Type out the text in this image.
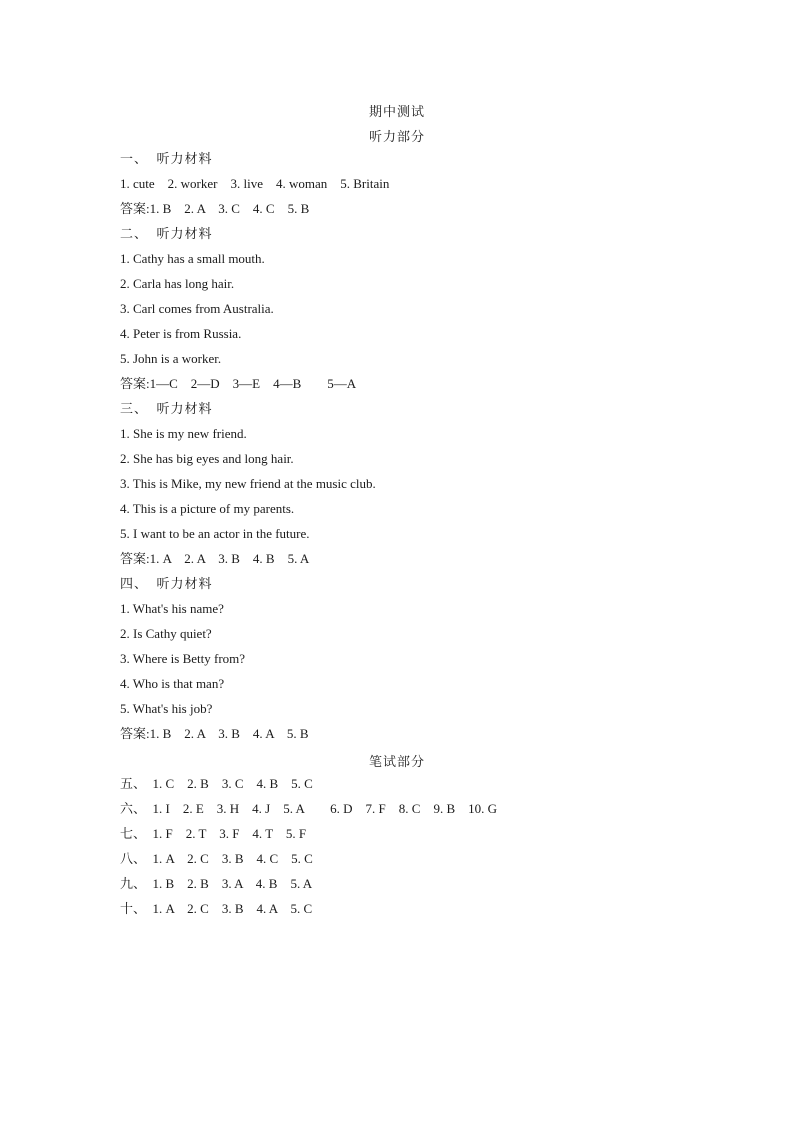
期中测试
听力部分
一、  听力材料
1. cute    2. worker    3. live    4. woman    5. Britain
答案:1. B    2. A    3. C    4. C    5. B
二、  听力材料
1. Cathy has a small mouth.
2. Carla has long hair.
3. Carl comes from Australia.
4. Peter is from Russia.
5. John is a worker.
答案:1—C    2—D    3—E    4—B        5—A
三、  听力材料
1. She is my new friend.
2. She has big eyes and long hair.
3. This is Mike, my new friend at the music club.
4. This is a picture of my parents.
5. I want to be an actor in the future.
答案:1. A    2. A    3. B    4. B    5. A
四、  听力材料
1. What's his name?
2. Is Cathy quiet?
3. Where is Betty from?
4. Who is that man?
5. What's his job?
答案:1. B    2. A    3. B    4. A    5. B
笔试部分
五、  1. C    2. B    3. C    4. B    5. C
六、  1. I    2. E    3. H    4. J    5. A        6. D    7. F    8. C    9. B    10. G
七、  1. F    2. T    3. F    4. T    5. F
八、  1. A    2. C    3. B    4. C    5. C
九、  1. B    2. B    3. A    4. B    5. A
十、  1. A    2. C    3. B    4. A    5. C
